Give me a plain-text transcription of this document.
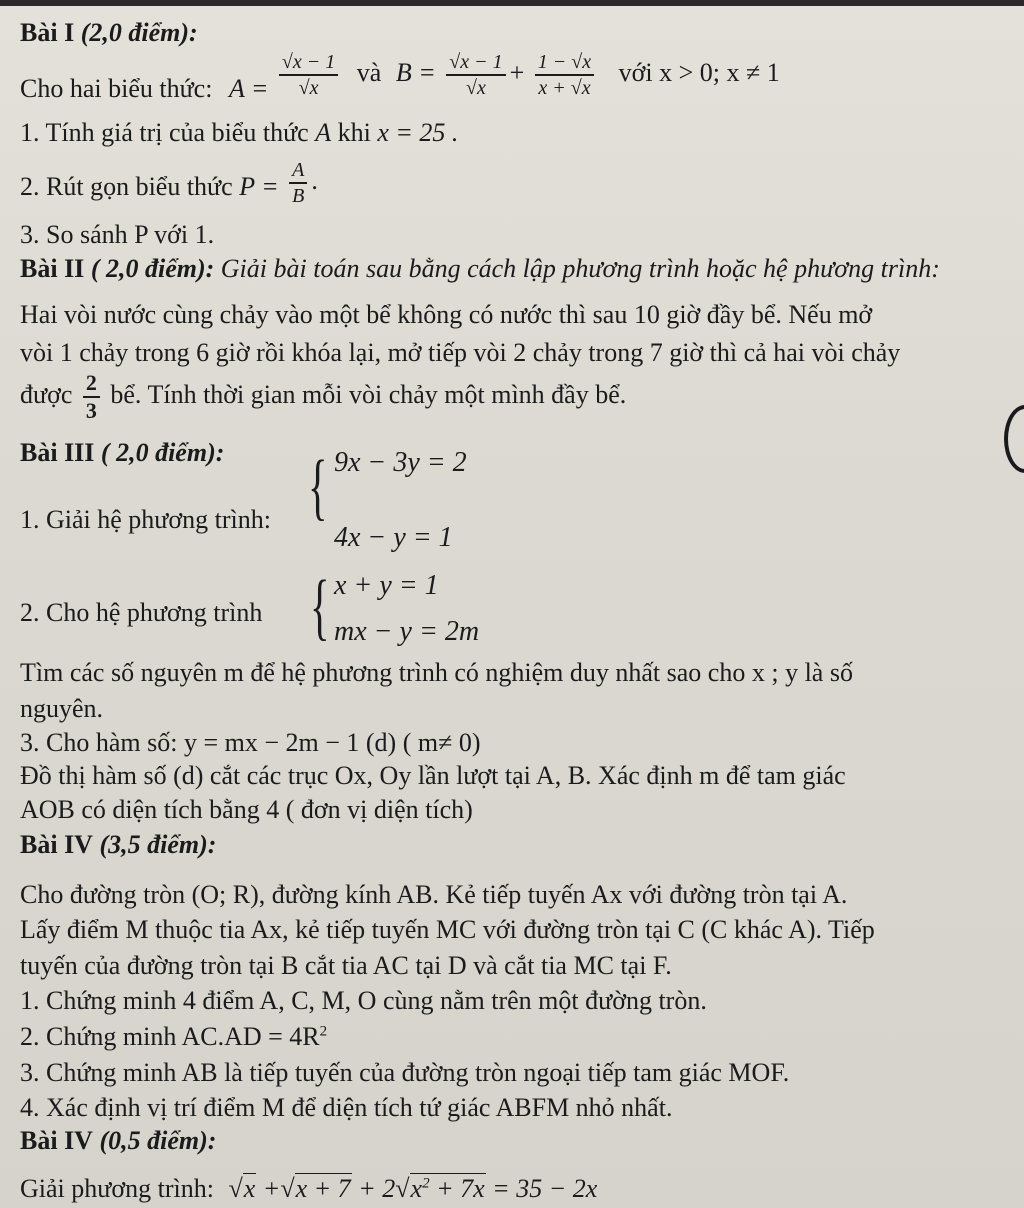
Bài I (2,0 điểm):
Cho hai biểu thức: $A = \frac{√x - 1}{√x}$ và $B = \frac{√x - 1}{√x} + \frac{1 - √x}{x + √x}$ với x > 0; x ≠ 1
1. Tính giá trị của biểu thức A khi x = 25 .
2. Rút gọn biểu thức $P = \frac{A}{B}$ .
3. So sánh P với 1.
Bài II ( 2,0 điểm): Giải bài toán sau bằng cách lập phương trình hoặc hệ phương trình:
Hai vòi nước cùng chảy vào một bể không có nước thì sau 10 giờ đầy bể. Nếu mở
vòi 1 chảy trong 6 giờ rồi khóa lại, mở tiếp vòi 2 chảy trong 7 giờ thì cả hai vòi chảy
được $\frac{2}{3}$ bể. Tính thời gian mỗi vòi chảy một mình đầy bể.
Bài III ( 2,0 điểm):
1. Giải hệ phương trình: { 9x − 3y = 2
4x − y = 1
2. Cho hệ phương trình { x + y = 1
mx − y = 2m
Tìm các số nguyên m để hệ phương trình có nghiệm duy nhất sao cho x ; y là số
nguyên.
3. Cho hàm số: y = mx − 2m − 1 (d) ( m≠ 0)
Đồ thị hàm số (d) cắt các trục Ox, Oy lần lượt tại A, B. Xác định m để tam giác
AOB có diện tích bằng 4 ( đơn vị diện tích)
Bài IV (3,5 điểm):
Cho đường tròn (O; R), đường kính AB. Kẻ tiếp tuyến Ax với đường tròn tại A.
Lấy điểm M thuộc tia Ax, kẻ tiếp tuyến MC với đường tròn tại C (C khác A). Tiếp
tuyến của đường tròn tại B cắt tia AC tại D và cắt tia MC tại F.
1. Chứng minh 4 điểm A, C, M, O cùng nằm trên một đường tròn.
2. Chứng minh $AC.AD = 4R^2$
3. Chứng minh AB là tiếp tuyến của đường tròn ngoại tiếp tam giác MOF.
4. Xác định vị trí điểm M để diện tích tứ giác ABFM nhỏ nhất.
Bài IV (0,5 điểm):
Giải phương trình: $√x +√x + 7 + 2√x^2 + 7x = 35 - 2x$
